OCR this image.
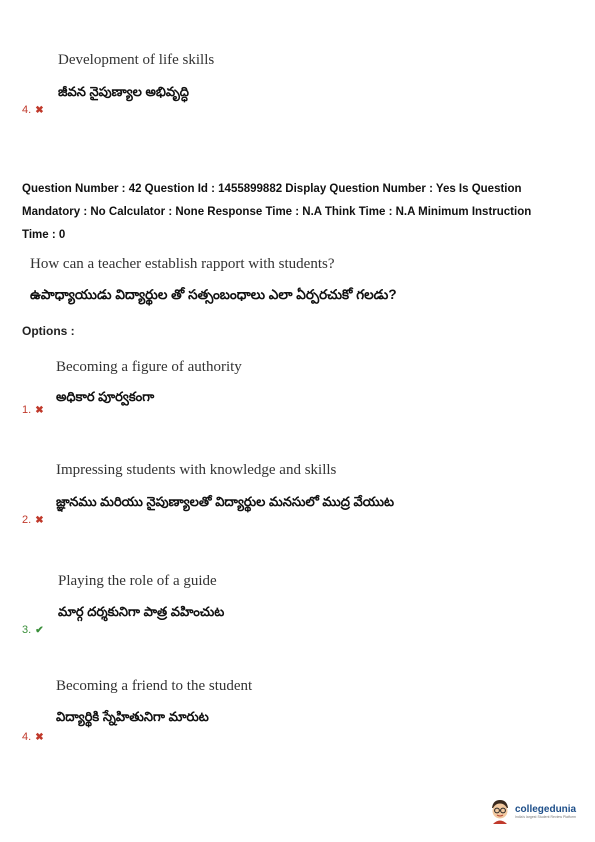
Development of life skills
జీవన నైపుణ్యాల అభివృద్ధి
4. ✖
Question Number : 42 Question Id : 1455899882 Display Question Number : Yes Is Question
Mandatory : No Calculator : None Response Time : N.A Think Time : N.A Minimum Instruction
Time : 0
How can a teacher establish rapport with students?
ఉపాధ్యాయుడు విద్యార్థుల తో సత్సంబంధాలు ఎలా ఏర్పరచుకో గలడు?
Options :
Becoming a figure of authority
అధికార పూర్వకంగా
1. ✖
Impressing students with knowledge and skills
జ్ఞానము మరియు నైపుణ్యాలతో విద్యార్థుల మనసులో ముద్ర వేయుట
2. ✖
Playing the role of a guide
మార్గ దర్శకునిగా పాత్ర వహించుట
3. ✔
Becoming a friend to the student
విద్యార్థికి స్నేహితునిగా మారుట
4. ✖
collegedunia
India's largest Student Review Platform
